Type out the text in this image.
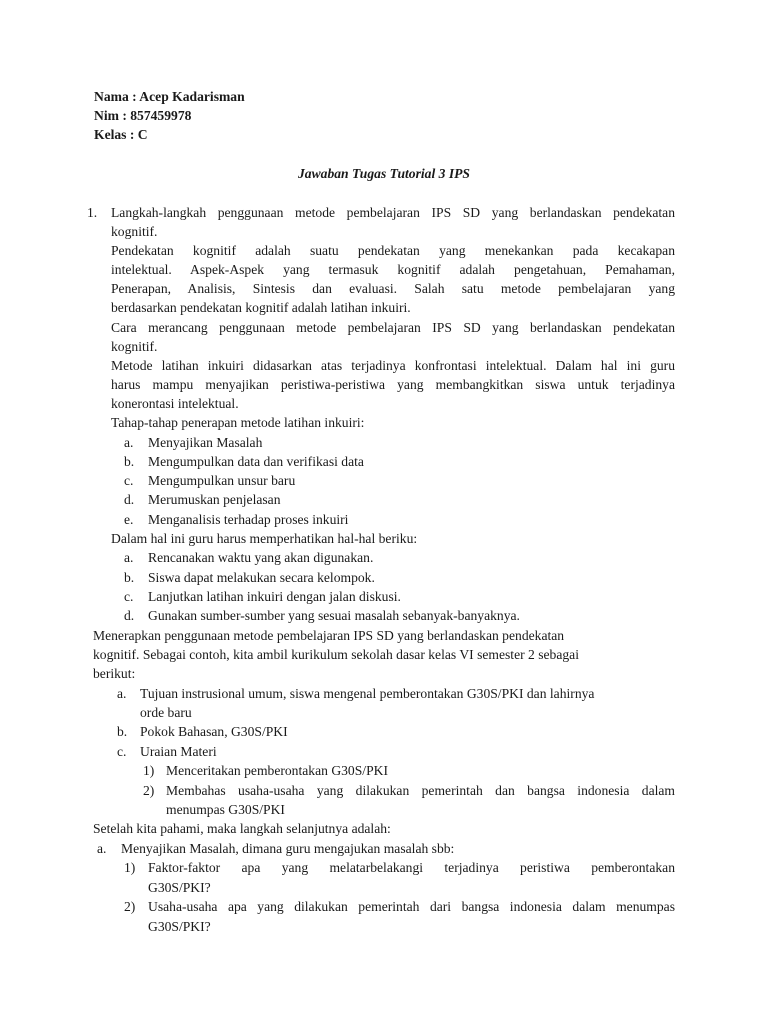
Nama : Acep Kadarisman
Nim : 857459978
Kelas : C
Jawaban Tugas Tutorial 3 IPS
1. Langkah-langkah penggunaan metode pembelajaran IPS SD yang berlandaskan pendekatan
kognitif.
Pendekatan kognitif adalah suatu pendekatan yang menekankan pada kecakapan
intelektual. Aspek-Aspek yang termasuk kognitif adalah pengetahuan, Pemahaman,
Penerapan, Analisis, Sintesis dan evaluasi. Salah satu metode pembelajaran yang
berdasarkan pendekatan kognitif adalah latihan inkuiri.
Cara merancang penggunaan metode pembelajaran IPS SD yang berlandaskan pendekatan
kognitif.
Metode latihan inkuiri didasarkan atas terjadinya konfrontasi intelektual. Dalam hal ini guru
harus mampu menyajikan peristiwa-peristiwa yang membangkitkan siswa untuk terjadinya
konerontasi intelektual.
Tahap-tahap penerapan metode latihan inkuiri:
a. Menyajikan Masalah
b. Mengumpulkan data dan verifikasi data
c. Mengumpulkan unsur baru
d. Merumuskan penjelasan
e. Menganalisis terhadap proses inkuiri
Dalam hal ini guru harus memperhatikan hal-hal beriku:
a. Rencanakan waktu yang akan digunakan.
b. Siswa dapat melakukan secara kelompok.
c. Lanjutkan latihan inkuiri dengan jalan diskusi.
d. Gunakan sumber-sumber yang sesuai masalah sebanyak-banyaknya.
Menerapkan penggunaan metode pembelajaran IPS SD yang berlandaskan pendekatan
kognitif. Sebagai contoh, kita ambil kurikulum sekolah dasar kelas VI semester 2 sebagai
berikut:
a. Tujuan instrusional umum, siswa mengenal pemberontakan G30S/PKI dan lahirnya
orde baru
b. Pokok Bahasan, G30S/PKI
c. Uraian Materi
1) Menceritakan pemberontakan G30S/PKI
2) Membahas usaha-usaha yang dilakukan pemerintah dan bangsa indonesia dalam
menumpas G30S/PKI
Setelah kita pahami, maka langkah selanjutnya adalah:
a. Menyajikan Masalah, dimana guru mengajukan masalah sbb:
1) Faktor-faktor apa yang melatarbelakangi terjadinya peristiwa pemberontakan
G30S/PKI?
2) Usaha-usaha apa yang dilakukan pemerintah dari bangsa indonesia dalam menumpas
G30S/PKI?
